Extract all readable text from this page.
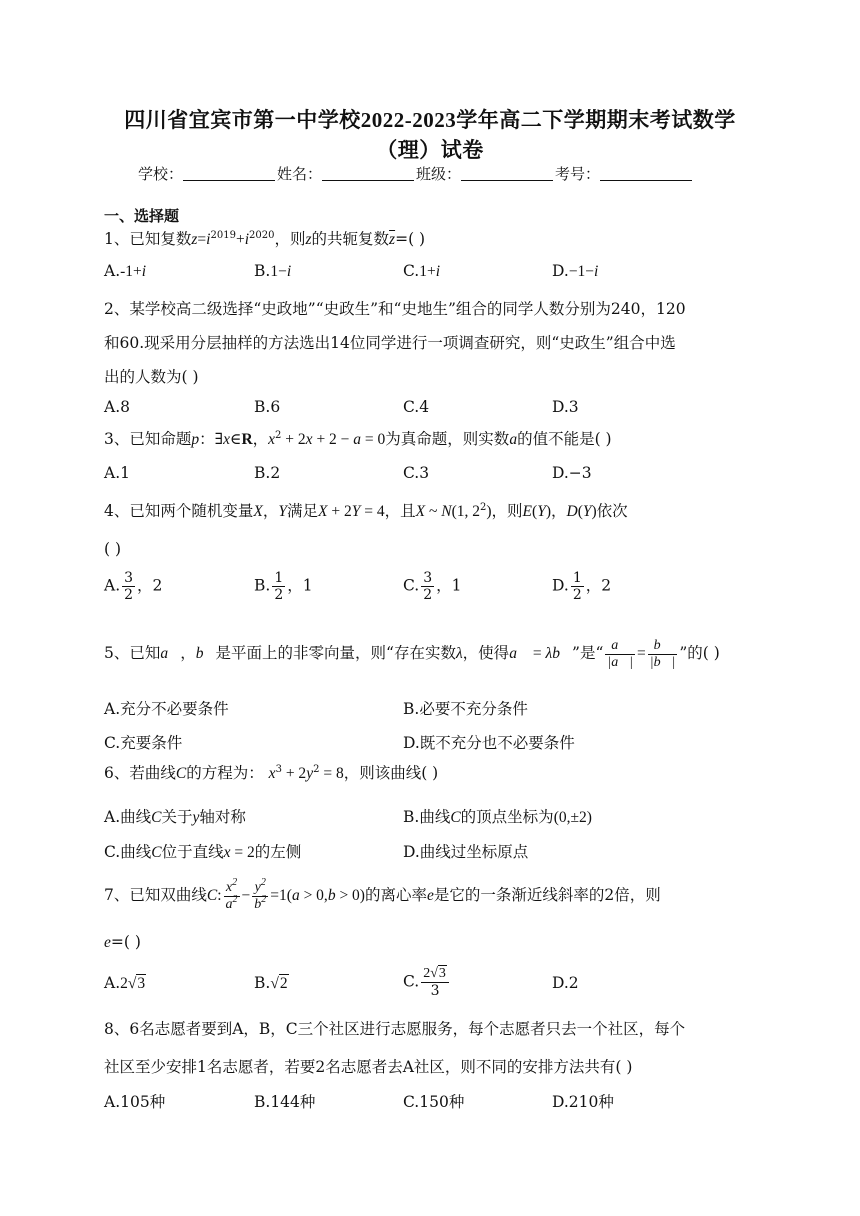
四川省宜宾市第一中学校2022-2023学年高二下学期期末考试数学
（理）试卷
学校：	姓名：	班级：	考号：
一、选择题
1、已知复数$z=i^{2019}+i^{2020}$，则z的共轭复数$\overline{z}=$( )
A.-1+i	B.1−i	C.1+i	D.−1−i
2、某学校高二级选择“史政地”“史政生”和“史地生”组合的同学人数分别为240，120
和60.现采用分层抽样的方法选出14位同学进行一项调查研究，则“史政生”组合中选
出的人数为( )
A.8	B.6	C.4	D.3
3、已知命题p：∃x∈R，$x^2 + 2x + 2 - a = 0$为真命题，则实数a的值不能是( )
A.1	B.2	C.3	D.−3
4、已知两个随机变量X，Y满足X + 2Y = 4，且X ~ N(1, $2^2$)，则E(Y)，D(Y)依次
( )
A. $\frac{3}{2}$ ，2	B. $\frac{1}{2}$ ，1	C. $\frac{3}{2}$ ，1	D. $\frac{1}{2}$ ，2
5、已知a⃗，b⃗是平面上的非零向量，则“存在实数λ，使得a⃗ = λb⃗”是“ $\frac{a⃗}{|a⃗|} = \frac{b⃗}{|b⃗|}$ ”的( )
A.充分不必要条件	B.必要不充分条件
C.充要条件	D.既不充分也不必要条件
6、若曲线C的方程为： $x^3 + 2y^2 = 8$，则该曲线( )
A.曲线C关于y轴对称	B.曲线C的顶点坐标为(0,±2)
C.曲线C位于直线x = 2的左侧	D.曲线过坐标原点
7、已知双曲线C: $\frac{x^2}{a^2} - \frac{y^2}{b^2} =1(a > 0,b > 0)$的离心率e是它的一条渐近线斜率的2倍，则
e=( )
A.2√3	B.√2	C. $\frac{2√3}{3}$	D.2
8、6名志愿者要到A，B，C三个社区进行志愿服务，每个志愿者只去一个社区，每个
社区至少安排1名志愿者，若要2名志愿者去A社区，则不同的安排方法共有( )
A.105种	B.144种	C.150种	D.210种
